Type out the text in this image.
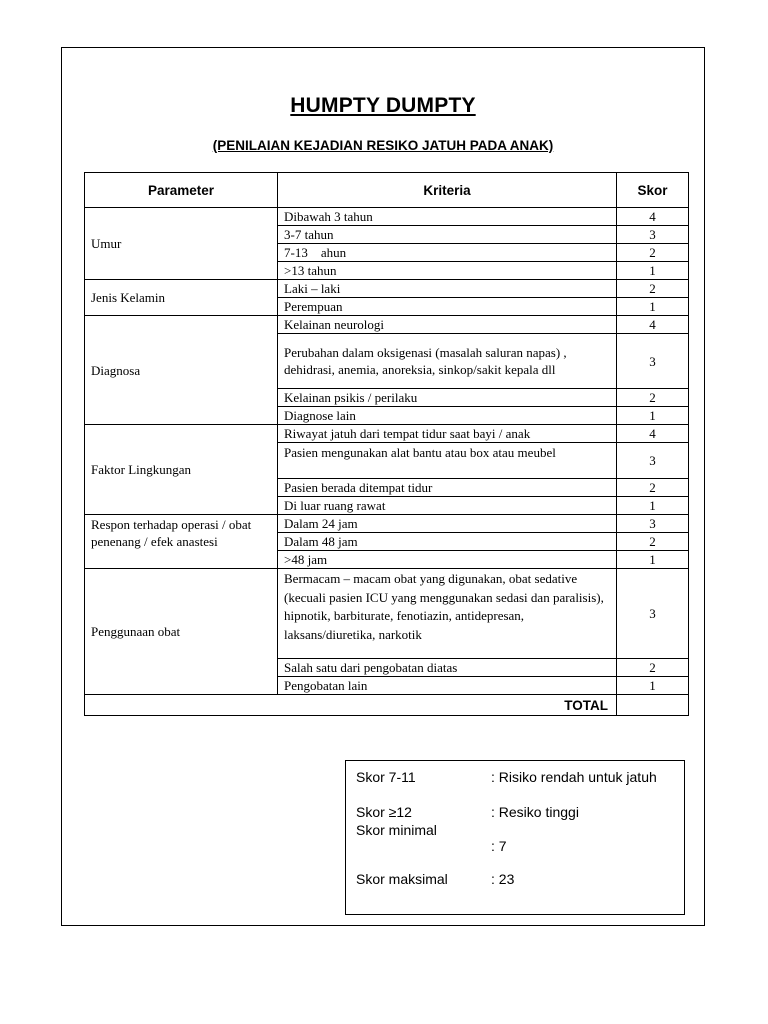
HUMPTY DUMPTY
(PENILAIAN KEJADIAN RESIKO JATUH PADA ANAK)
Parameter	Kriteria	Skor
Umur	Dibawah 3 tahun	4
	3-7 tahun	3
	7-13    ahun	2
	>13 tahun	1
Jenis Kelamin	Laki – laki	2
	Perempuan	1
Diagnosa	Kelainan neurologi	4
	Perubahan dalam oksigenasi (masalah saluran napas) , dehidrasi, anemia, anoreksia, sinkop/sakit kepala dll	3
	Kelainan psikis / perilaku	2
	Diagnose lain	1
Faktor Lingkungan	Riwayat jatuh dari tempat tidur saat bayi / anak	4
	Pasien mengunakan alat bantu atau box atau meubel	3
	Pasien berada ditempat tidur	2
	Di luar ruang rawat	1
Respon terhadap operasi / obat penenang / efek anastesi	Dalam 24 jam	3
	Dalam 48 jam	2
	>48 jam	1
Penggunaan obat	Bermacam – macam obat yang digunakan, obat sedative (kecuali pasien ICU yang menggunakan sedasi dan paralisis), hipnotik, barbiturate, fenotiazin, antidepresan, laksans/diuretika, narkotik	3
	Salah satu dari pengobatan diatas	2
	Pengobatan lain	1
TOTAL		
Skor 7-11	: Risiko rendah untuk jatuh
Skor ≥12	: Resiko tinggi
Skor minimal
: 7
Skor maksimal	: 23
